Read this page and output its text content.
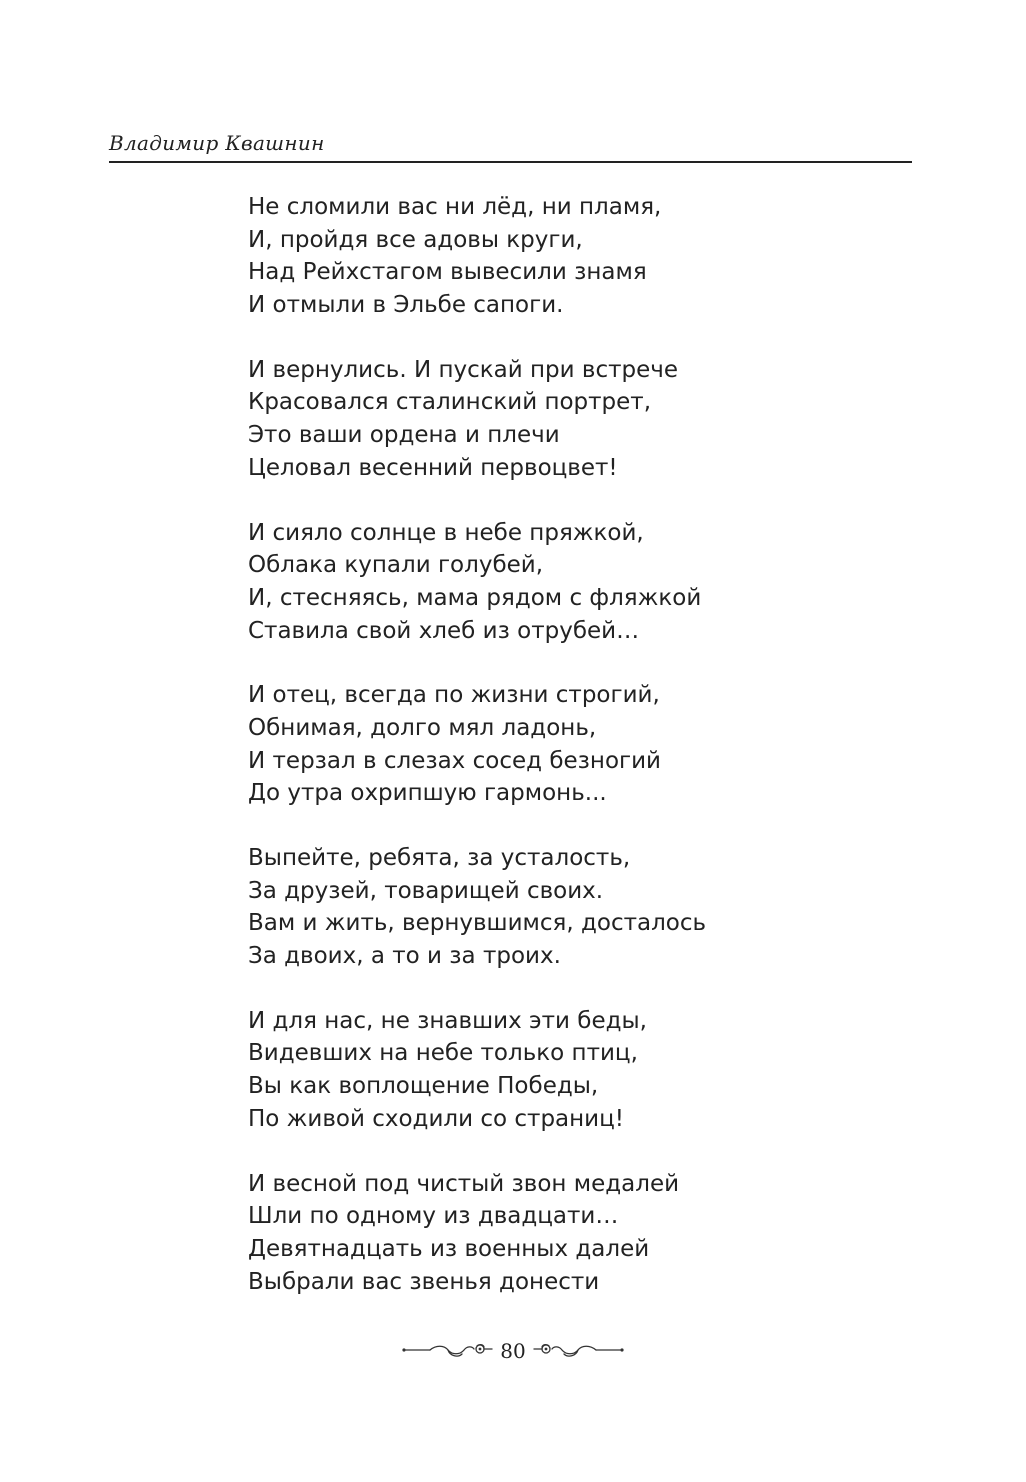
Владимир Квашнин
Не сломили вас ни лёд, ни пламя,
И, пройдя все адовы круги,
Над Рейхстагом вывесили знамя
И отмыли в Эльбе сапоги.
И вернулись. И пускай при встрече
Красовался сталинский портрет,
Это ваши ордена и плечи
Целовал весенний первоцвет!
И сияло солнце в небе пряжкой,
Облака купали голубей,
И, стесняясь, мама рядом с фляжкой
Ставила свой хлеб из отрубей…
И отец, всегда по жизни строгий,
Обнимая, долго мял ладонь,
И терзал в слезах сосед безногий
До утра охрипшую гармонь...
Выпейте, ребята, за усталость,
За друзей, товарищей своих.
Вам и жить, вернувшимся, досталось
За двоих, а то и за троих.
И для нас, не знавших эти беды,
Видевших на небе только птиц,
Вы как воплощение Победы,
По живой сходили со страниц!
И весной под чистый звон медалей
Шли по одному из двадцати…
Девятнадцать из военных далей
Выбрали вас звенья донести
80
